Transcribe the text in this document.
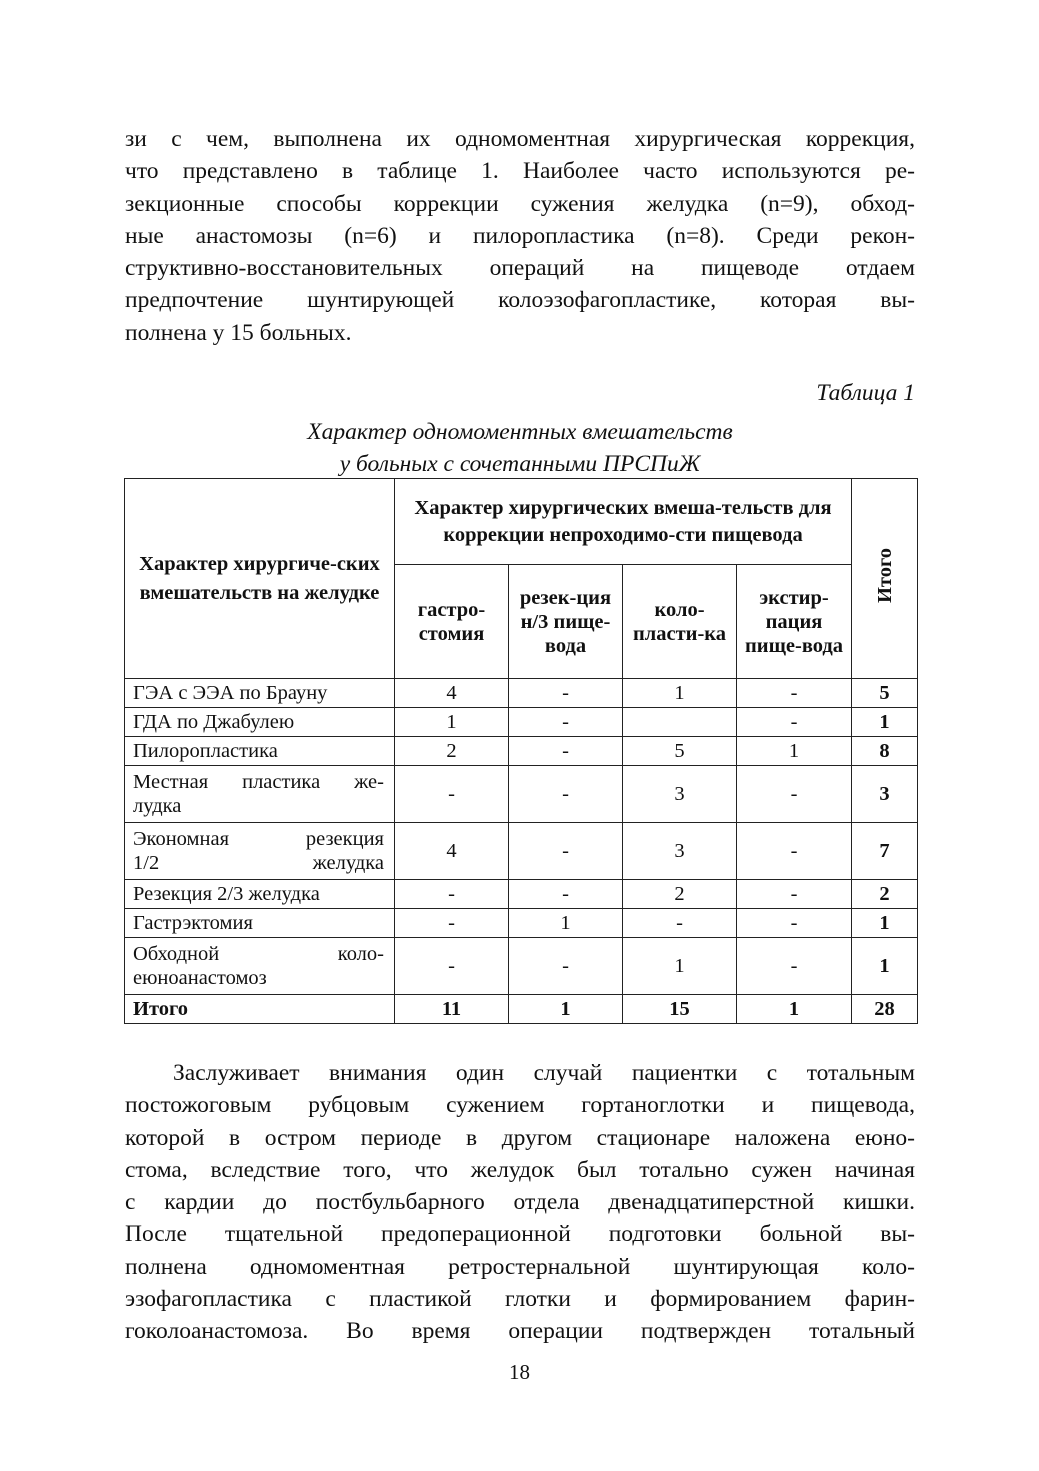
зи с чем, выполнена их одномоментная хирургическая коррекция,
что представлено в таблице 1. Наиболее часто используются ре-
зекционные способы коррекции сужения желудка (n=9), обход-
ные анастомозы (n=6) и пилоропластика (n=8). Среди рекон-
структивно-восстановительных операций на пищеводе отдаем
предпочтение шунтирующей колоэзофагопластике, которая вы-
полнена у 15 больных.
Таблица 1
Характер одномоментных вмешательств
у больных с сочетанными ПРСПиЖ
Характер хирургиче-ских вмешательств на желудке	Характер хирургических вмеша-тельств для коррекции непроходимо-сти пищевода				Итого
	гастро-стомия	резек-ция н/3 пище-вода	коло-пласти-ка	экстир-пация пище-вода	
ГЭА с ЭЭА по Брауну	4	-	1	-	5
ГДА по Джабулею	1	-		-	1
Пилоропластика	2	-	5	1	8

Местная пластика же-
лудка	-	-	3	-	3

Экономная резекция
1/2 желудка	4	-	3	-	7
Резекция 2/3 желудка	-	-	2	-	2
Гастрэктомия	-	1	-	-	1

Обходной коло-
еюноанастомоз	-	-	1	-	1
Итого	11	1	15	1	28
Заслуживает внимания один случай пациентки с тотальным
постожоговым рубцовым сужением гортаноглотки и пищевода,
которой в остром периоде в другом стационаре наложена еюно-
стома, вследствие того, что желудок был тотально сужен начиная
с кардии до постбульбарного отдела двенадцатиперстной кишки.
После тщательной предоперационной подготовки больной вы-
полнена одномоментная ретростернальной шунтирующая коло-
эзофагопластика с пластикой глотки и формированием фарин-
гоколоанастомоза. Во время операции подтвержден тотальный
18
